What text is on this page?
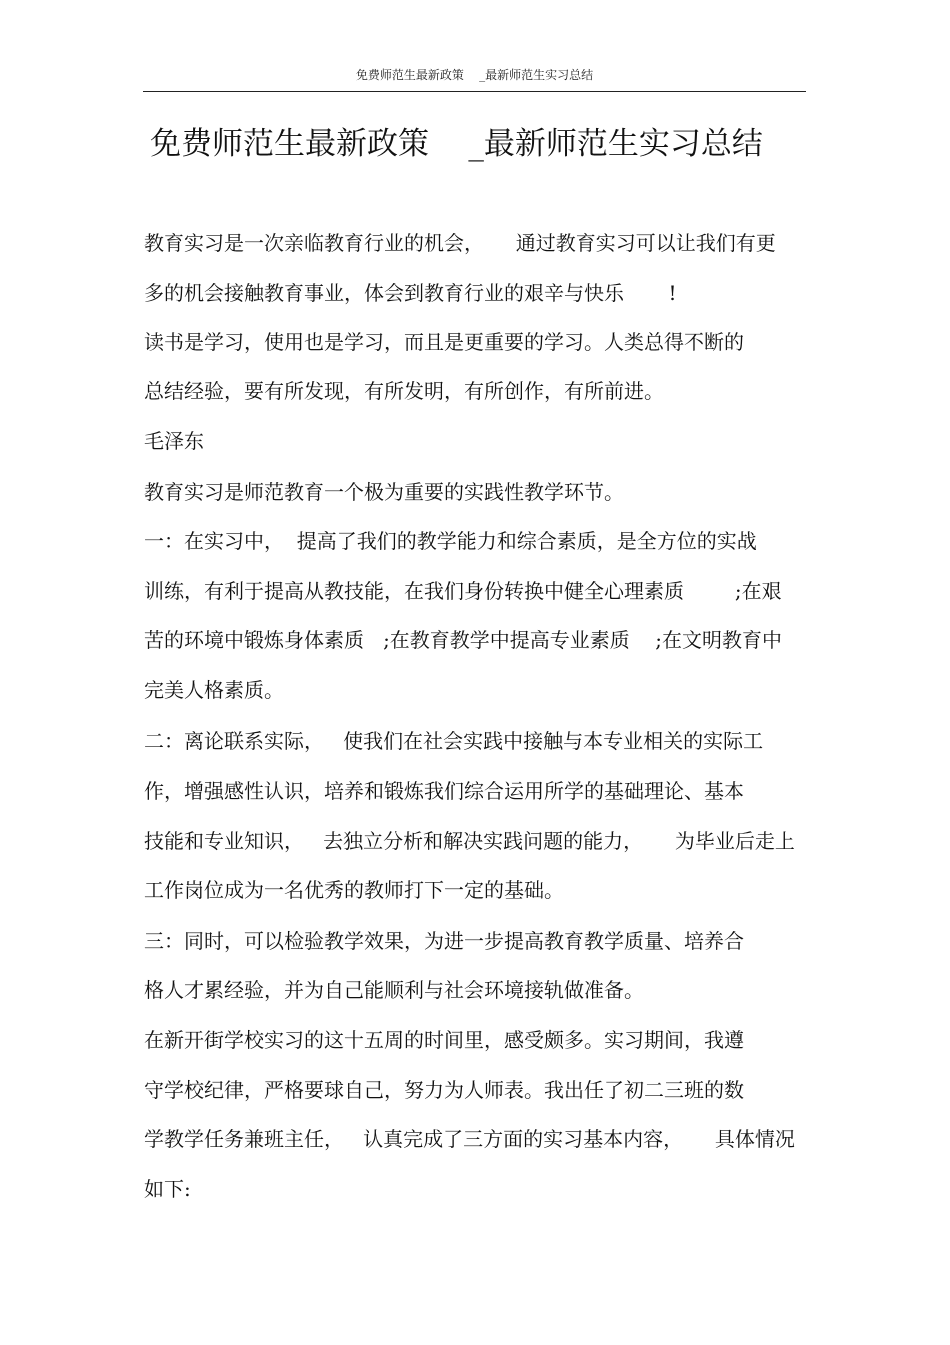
免费师范生最新政策    _最新师范生实习总结
免费师范生最新政策    _最新师范生实习总结
教育实习是一次亲临教育行业的机会，     通过教育实习可以让我们有更
多的机会接触教育事业，体会到教育行业的艰辛与快乐       !
读书是学习，使用也是学习，而且是更重要的学习。人类总得不断的
总结经验，要有所发现，有所发明，有所创作，有所前进。
毛泽东
教育实习是师范教育一个极为重要的实践性教学环节。
一：在实习中，  提高了我们的教学能力和综合素质，是全方位的实战
训练，有利于提高从教技能，在我们身份转换中健全心理素质        ;在艰
苦的环境中锻炼身体素质   ;在教育教学中提高专业素质    ;在文明教育中
完美人格素质。
二：离论联系实际，   使我们在社会实践中接触与本专业相关的实际工
作，增强感性认识，培养和锻炼我们综合运用所学的基础理论、基本
技能和专业知识，   去独立分析和解决实践问题的能力，     为毕业后走上
工作岗位成为一名优秀的教师打下一定的基础。
三：同时，可以检验教学效果，为进一步提高教育教学质量、培养合
格人才累经验，并为自己能顺利与社会环境接轨做准备。
在新开街学校实习的这十五周的时间里，感受颇多。实习期间，我遵
守学校纪律，严格要球自己，努力为人师表。我出任了初二三班的数
学教学任务兼班主任，   认真完成了三方面的实习基本内容，     具体情况
如下:
